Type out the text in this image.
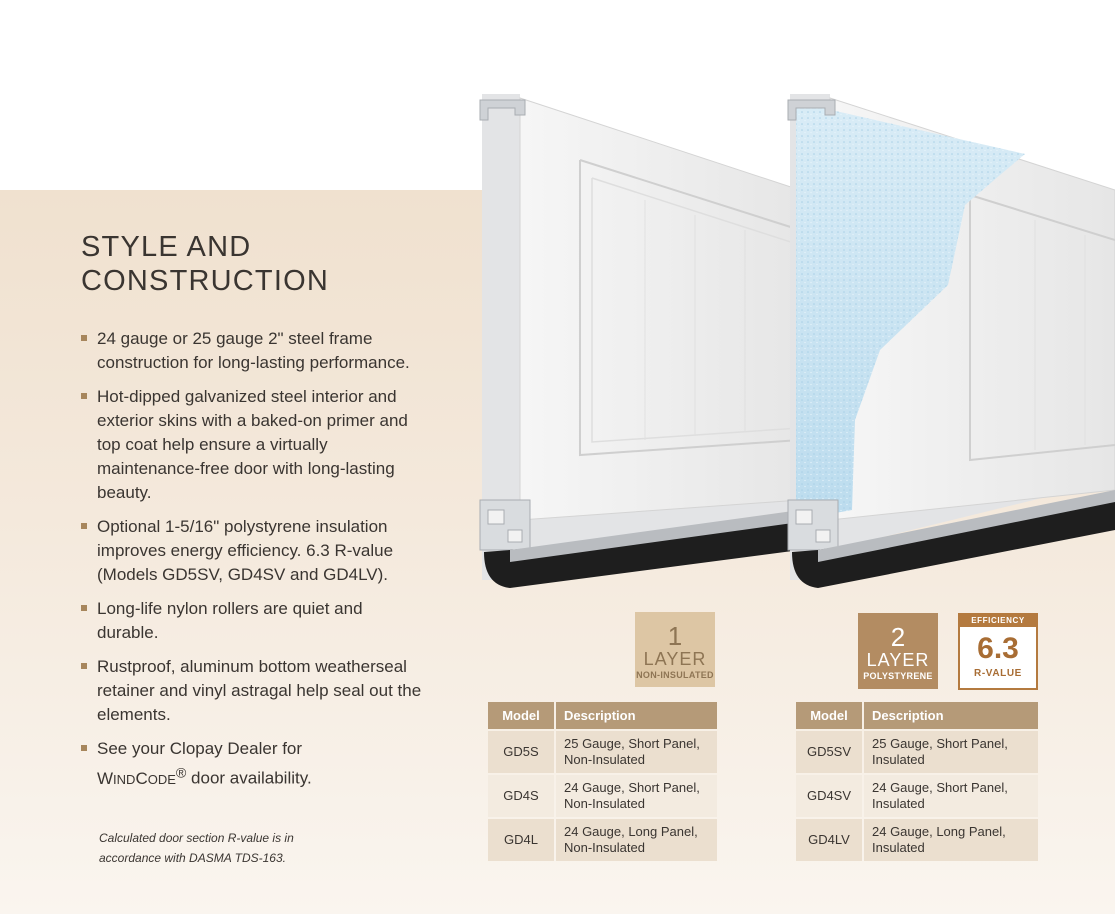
STYLE AND
CONSTRUCTION
24 gauge or 25 gauge 2" steel frame construction for long-lasting performance.
Hot-dipped galvanized steel interior and exterior skins with a baked-on primer and top coat help ensure a virtually maintenance-free door with long-lasting beauty.
Optional 1-5/16" polystyrene insulation improves energy efficiency. 6.3 R-value (Models GD5SV, GD4SV and GD4LV).
Long-life nylon rollers are quiet and durable.
Rustproof, aluminum bottom weatherseal retainer and vinyl astragal help seal out the elements.
See your Clopay Dealer for
WINDCODE® door availability.
Calculated door section R-value is in
accordance with DASMA TDS-163.
1
LAYER
NON-INSULATED
2
LAYER
POLYSTYRENE
EFFICIENCY
6.3
R-VALUE
Model	Description
GD5S	25 Gauge, Short Panel,
Non-Insulated
GD4S	24 Gauge, Short Panel,
Non-Insulated
GD4L	24 Gauge, Long Panel,
Non-Insulated
Model	Description
GD5SV	25 Gauge, Short Panel,
Insulated
GD4SV	24 Gauge, Short Panel,
Insulated
GD4LV	24 Gauge, Long Panel,
Insulated
